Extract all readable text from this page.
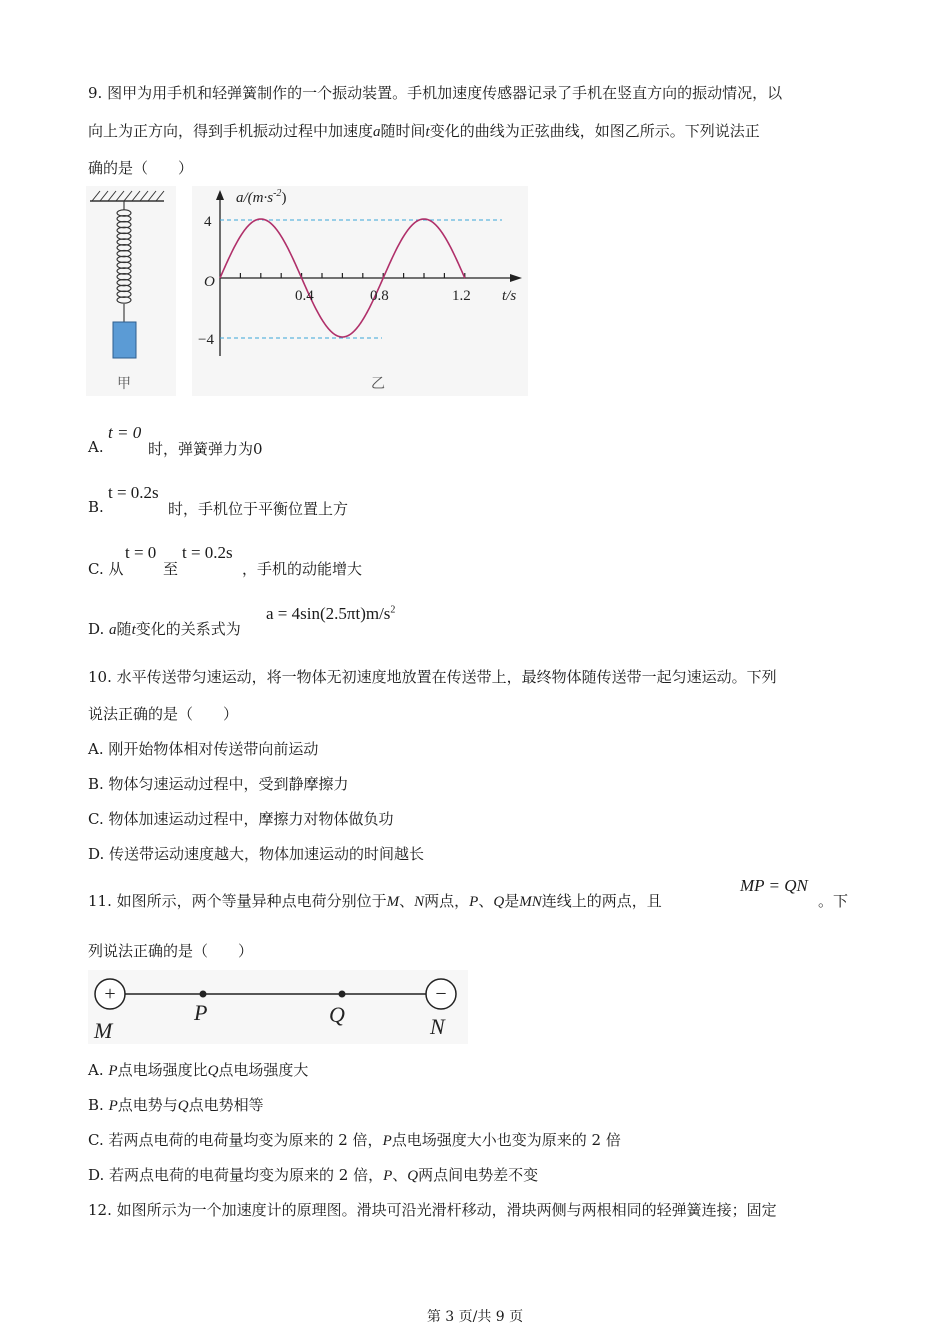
9. 图甲为用手机和轻弹簧制作的一个振动装置。手机加速度传感器记录了手机在竖直方向的振动情况，以
向上为正方向，得到手机振动过程中加速度a随时间t变化的曲线为正弦曲线，如图乙所示。下列说法正
确的是（　　）
甲
$a/(m\cdot s^{-2})$
4
−4
O
0.4	0.8	1.2 t/s
乙
A.
t = 0
时，弹簧弹力为0
B.
t = 0.2s
时，手机位于平衡位置上方
C. 从
t = 0
至
t = 0.2s
，手机的动能增大
D. a随t变化的关系式为
$a = 4\sin(2.5\pi t)m/s^2$
10. 水平传送带匀速运动，将一物体无初速度地放置在传送带上，最终物体随传送带一起匀速运动。下列
说法正确的是（　　）
A. 刚开始物体相对传送带向前运动
B. 物体匀速运动过程中，受到静摩擦力
C. 物体加速运动过程中，摩擦力对物体做负功
D. 传送带运动速度越大，物体加速运动的时间越长
11. 如图所示，两个等量异种点电荷分别位于M、N两点，P、Q是MN连线上的两点，且
MP = QN
。下
列说法正确的是（　　）
+	−
M
P	Q	N
A. P点电场强度比Q点电场强度大
B. P点电势与Q点电势相等
C. 若两点电荷的电荷量均变为原来的 2 倍，P点电场强度大小也变为原来的 2 倍
D. 若两点电荷的电荷量均变为原来的 2 倍，P、Q两点间电势差不变
12. 如图所示为一个加速度计的原理图。滑块可沿光滑杆移动，滑块两侧与两根相同的轻弹簧连接；固定
第 3 页/共 9 页
